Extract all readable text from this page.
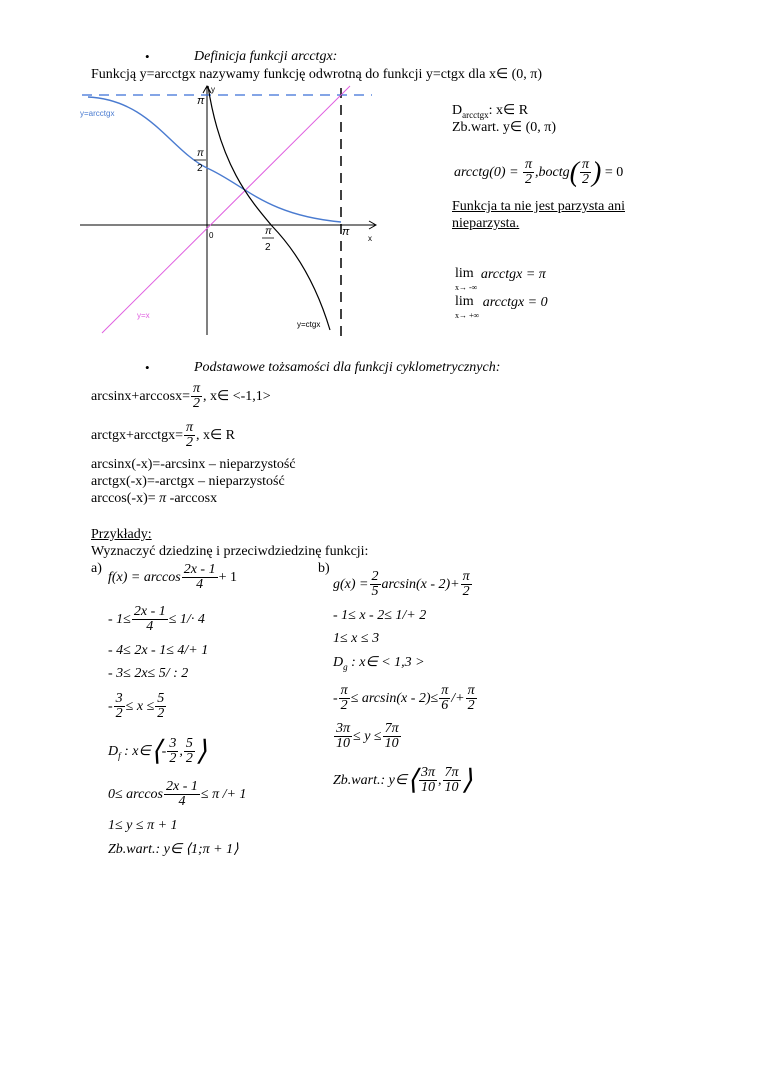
•	Definicja funkcji arcctgx:
Funkcją y=arcctgx nazywamy funkcję odwrotną do funkcji y=ctgx dla x∈ (0, π)
y=arcctgx
y=x
y=ctgx
y
x
π
π
2
0	π
2
π
$D_{arcctgx}$: x∈ R
Zb.wart. y∈ (0, π)
arcctg(0) = $\frac{\pi}{2}$ ,boctg( $\frac{\pi}{2}$ ) = 0
Funkcja ta nie jest parzysta ani nieparzysta.
lim
x→ -∞ arcctgx = π
lim
x→ +∞ arcctgx = 0
•	Podstawowe tożsamości dla funkcji cyklometrycznych:
$\arcsin x+\arccos x= \frac{\pi}{2}$ , x∈ <-1,1>
arctgx+arcctgx= $\frac{\pi}{2}$ , x∈ R
arcsinx(-x)=-arcsinx – nieparzystość
arctgx(-x)=-arctgx – nieparzystość
arccos(-x)= π -arccosx
Przykłady:
Wyznaczyć dziedzinę i przeciwdziedzinę funkcji:
a)	b)
$f(x) = \arccos \frac{2x - 1}{4} + 1$
- $1\le \frac{2x - 1}{4} \le 1/\cdot 4$
- 4≤ 2x - 1≤ 4/+ 1
- 3≤ 2x≤ 5/ : 2
- $\frac{3}{2} \le x \le \frac{5}{2}$
$D_f$ : x∈⟨- $\frac{3}{2}$ , $\frac{5}{2}$ ⟩
$0\le \arccos \frac{2x - 1}{4} \le \pi /+ 1$
1≤ y ≤ π + 1
Zb.wart.: y∈ ⟨1;π + 1⟩
$g(x) = \frac{2}{5} \arcsin(x - 2)+ \frac{\pi}{2}$
- 1≤ x - 2≤ 1/+ 2
1≤ x ≤ 3
$D_g$ : x∈ < 1,3 >
- $\frac{\pi}{2} \le \arcsin(x - 2)\le \frac{\pi}{6} /+ \frac{\pi}{2}$
$\frac{3\pi}{10} \le y \le \frac{7\pi}{10}$
Zb.wart.: y∈⟨ $\frac{3\pi}{10}$ , $\frac{7\pi}{10}$ ⟩
